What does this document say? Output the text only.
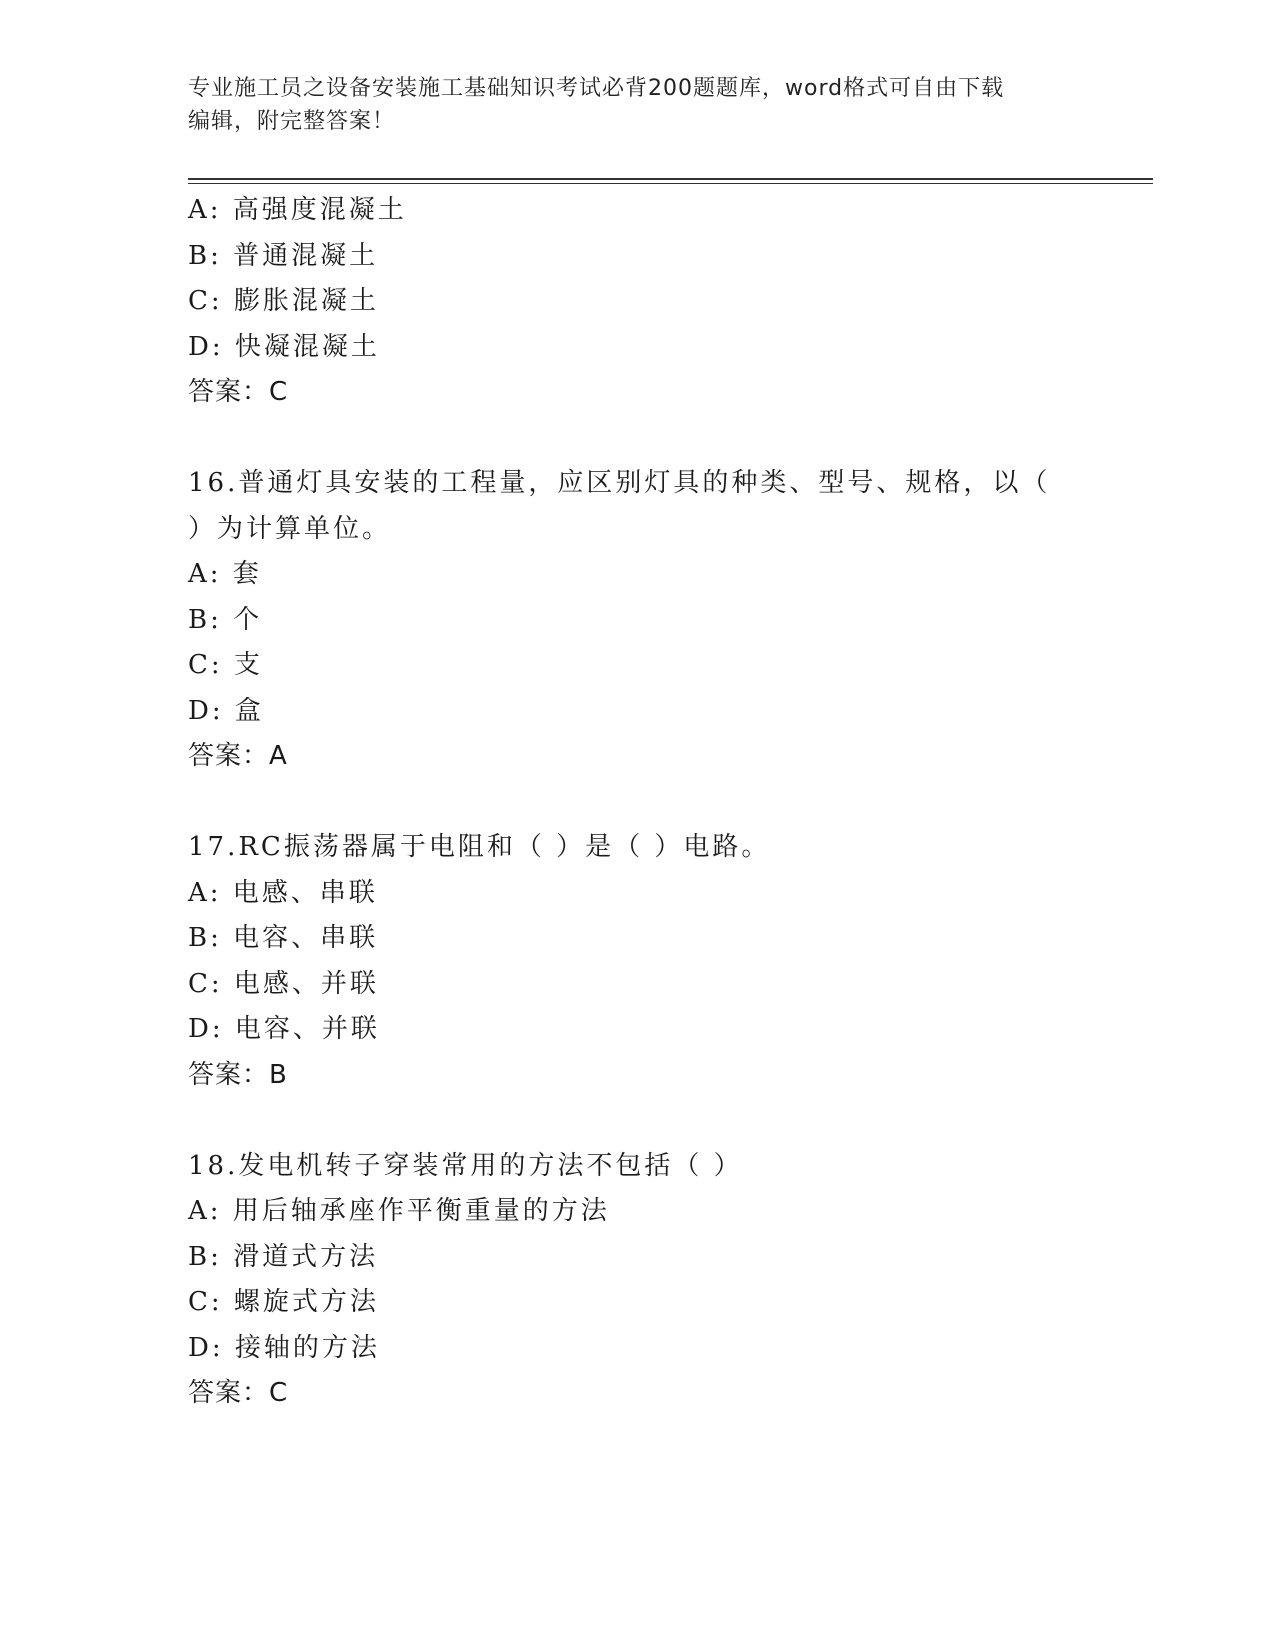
专业施工员之设备安装施工基础知识考试必背200题题库，word格式可自由下载
编辑，附完整答案！
A: 高强度混凝土
B: 普通混凝土
C: 膨胀混凝土
D: 快凝混凝土
答案：C
16.普通灯具安装的工程量，应区别灯具的种类、型号、规格，以（
）为计算单位。
A: 套
B: 个
C: 支
D: 盒
答案：A
17.RC振荡器属于电阻和（ ）是（ ）电路。
A: 电感、串联
B: 电容、串联
C: 电感、并联
D: 电容、并联
答案：B
18.发电机转子穿装常用的方法不包括（ ）
A: 用后轴承座作平衡重量的方法
B: 滑道式方法
C: 螺旋式方法
D: 接轴的方法
答案：C
